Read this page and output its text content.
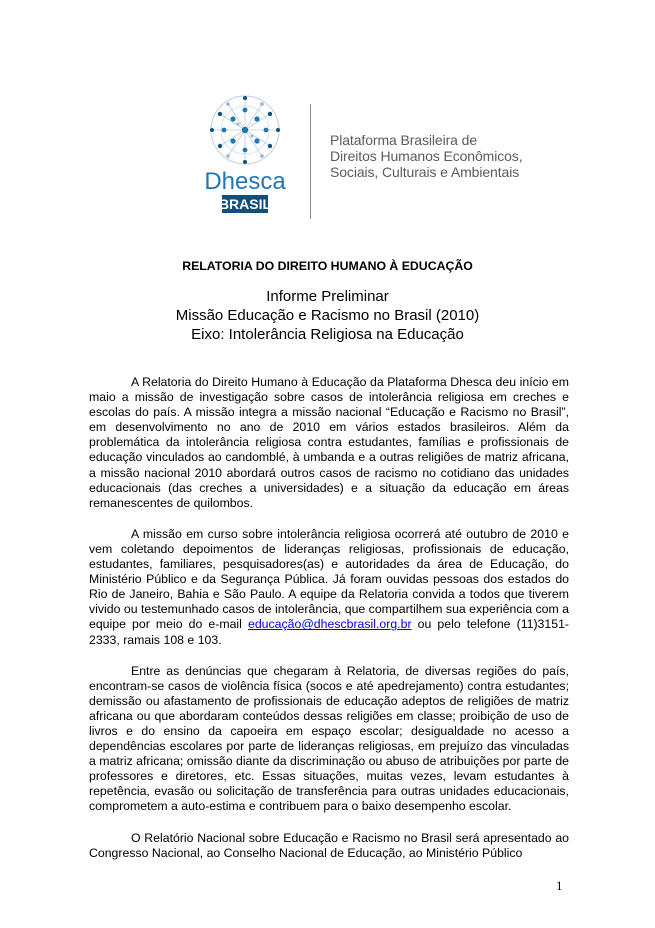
Dhesca
BRASIL
Plataforma Brasileira de
Direitos Humanos Econômicos,
Sociais, Culturais e Ambientais
RELATORIA DO DIREITO HUMANO À EDUCAÇÃO
Informe Preliminar
Missão Educação e Racismo no Brasil (2010)
Eixo: Intolerância Religiosa na Educação

A Relatoria do Direito Humano à Educação da Plataforma Dhesca deu início em maio a missão de investigação sobre casos de intolerância religiosa em creches e escolas do país. A missão integra a missão nacional “Educação e Racismo no Brasil”, em desenvolvimento no ano de 2010 em vários estados brasileiros. Além da problemática da intolerância religiosa contra estudantes, famílias e profissionais de educação vinculados ao candomblé, à umbanda e a outras religiões de matriz africana, a missão nacional 2010 abordará outros casos de racismo no cotidiano das unidades educacionais (das creches a universidades) e a situação da educação em áreas remanescentes de quilombos.

A missão em curso sobre intolerância religiosa ocorrerá até outubro de 2010 e vem coletando depoimentos de lideranças religiosas, profissionais de educação, estudantes, familiares, pesquisadores(as) e autoridades da área de Educação, do Ministério Público e da Segurança Pública. Já foram ouvidas pessoas dos estados do Rio de Janeiro, Bahia e São Paulo. A equipe da Relatoria convida a todos que tiverem vivido ou testemunhado casos de intolerância, que compartilhem sua experiência com a equipe por meio do e-mail educação@dhescbrasil.org.br ou pelo telefone (11)3151-2333, ramais 108 e 103.

Entre as denúncias que chegaram à Relatoria, de diversas regiões do país, encontram-se casos de violência física (socos e até apedrejamento) contra estudantes; demissão ou afastamento de profissionais de educação adeptos de religiões de matriz africana ou que abordaram conteúdos dessas religiões em classe; proibição de uso de livros e do ensino da capoeira em espaço escolar; desigualdade no acesso a dependências escolares por parte de lideranças religiosas, em prejuízo das vinculadas a matriz africana; omissão diante da discriminação ou abuso de atribuições por parte de professores e diretores, etc. Essas situações, muitas vezes, levam estudantes à repetência, evasão ou solicitação de transferência para outras unidades educacionais, comprometem a auto-estima e contribuem para o baixo desempenho escolar.

O Relatório Nacional sobre Educação e Racismo no Brasil será apresentado ao Congresso Nacional, ao Conselho Nacional de Educação, ao Ministério Público

1
